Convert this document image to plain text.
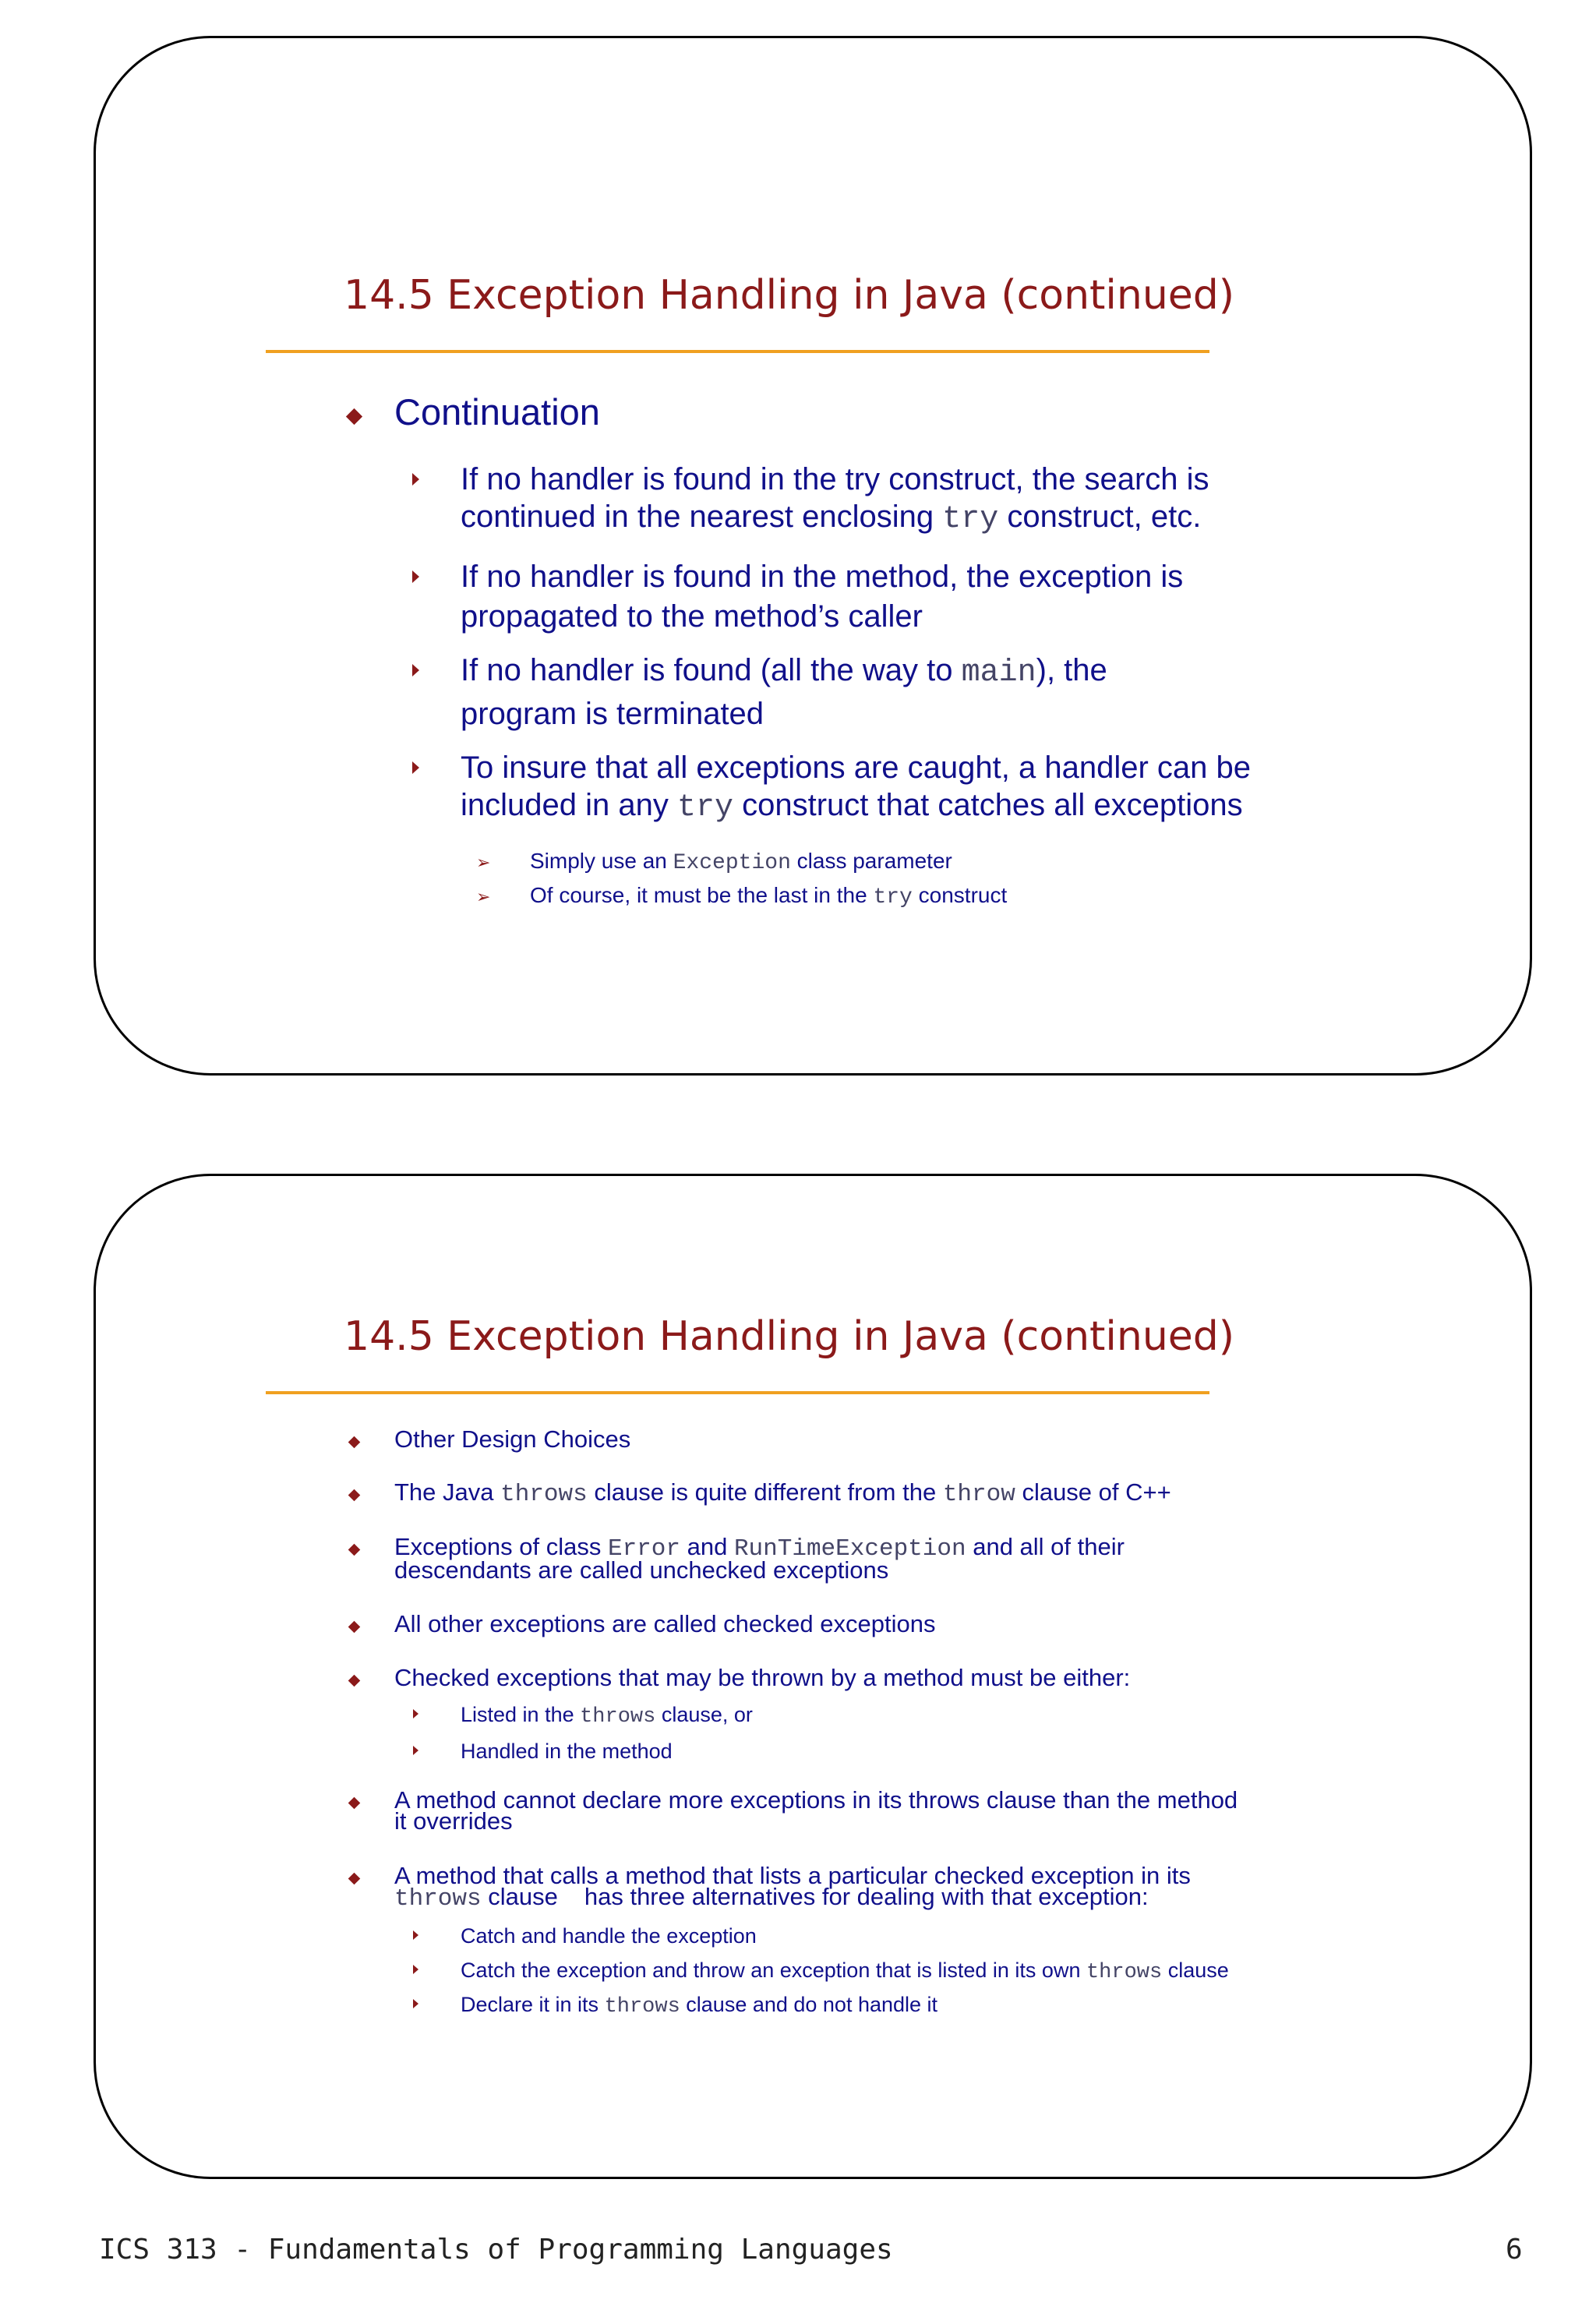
14.5 Exception Handling in Java (continued)
Continuation
If no handler is found in the try construct, the search is
continued in the nearest enclosing try construct, etc.
If no handler is found in the method, the exception is
propagated to the method’s caller
If no handler is found (all the way to main), the
program is terminated
To insure that all exceptions are caught, a handler can be
included in any try construct that catches all exceptions
➢ Simply use an Exception class parameter
➢ Of course, it must be the last in the try construct
14.5 Exception Handling in Java (continued)
Other Design Choices
The Java throws clause is quite different from the throw clause of C++
Exceptions of class Error and RunTimeException and all of their
descendants are called unchecked exceptions
All other exceptions are called checked exceptions
Checked exceptions that may be thrown by a method must be either:
Listed in the throws clause, or
Handled in the method
A method cannot declare more exceptions in its throws clause than the method
it overrides
A method that calls a method that lists a particular checked exception in its
throws clause has three alternatives for dealing with that exception:
Catch and handle the exception
Catch the exception and throw an exception that is listed in its own throws clause
Declare it in its throws clause and do not handle it
ICS 313 - Fundamentals of Programming Languages	6
